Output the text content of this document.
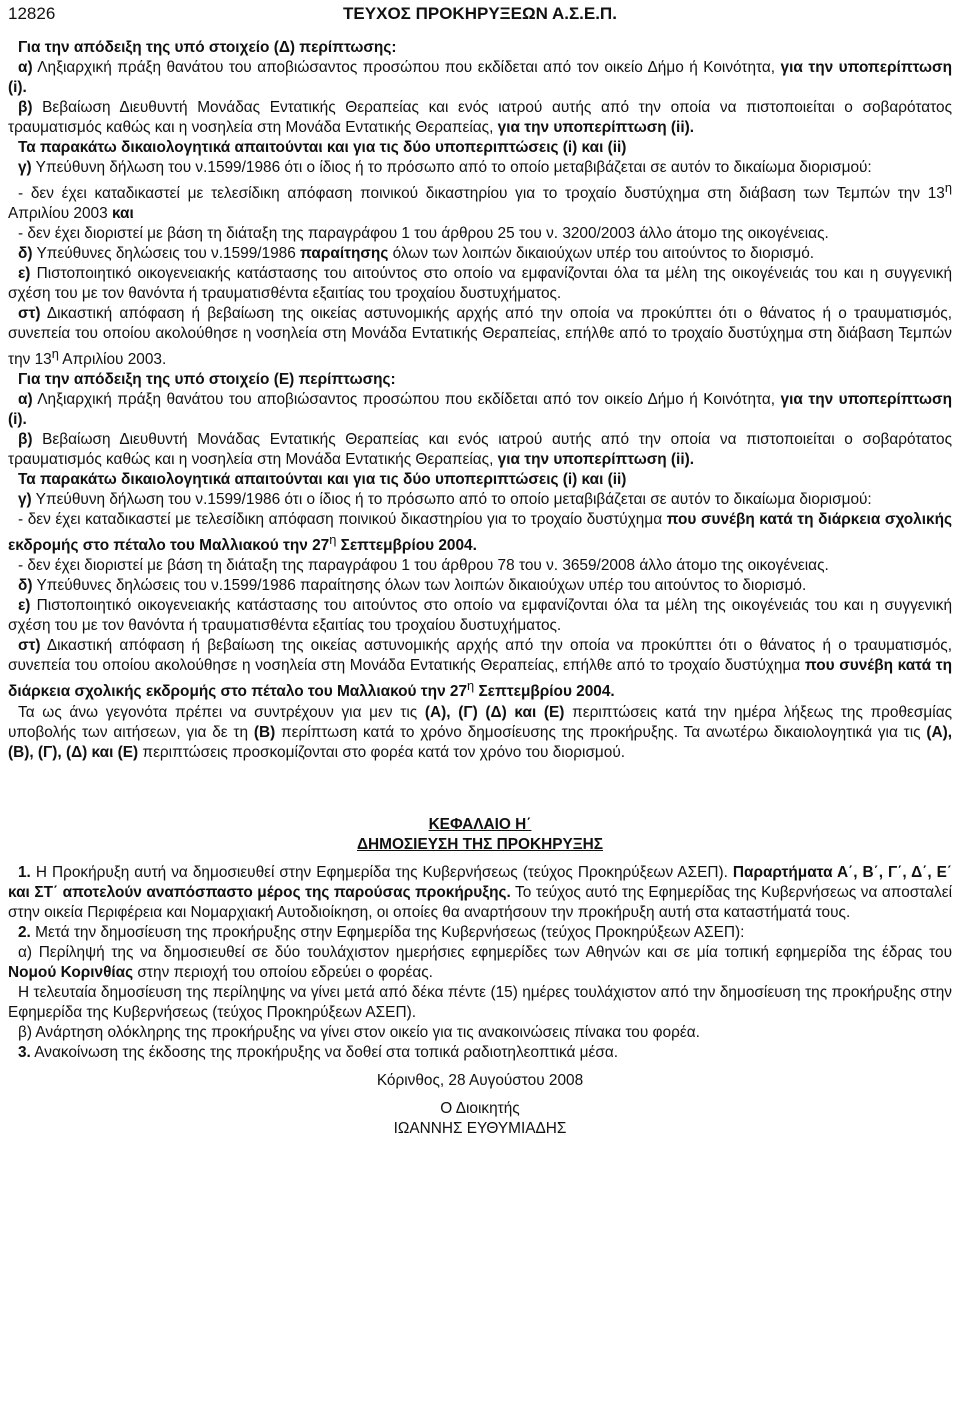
12826	ΤΕΥΧΟΣ ΠΡΟΚΗΡΥΞΕΩΝ Α.Σ.Ε.Π.

Για την απόδειξη της υπό στοιχείο (Δ) περίπτωσης:

α) Ληξιαρχική πράξη θανάτου του αποβιώσαντος προσώπου που εκδίδεται από τον οικείο Δήμο ή Κοινότητα, για την υποπερίπτωση (i).

β) Βεβαίωση Διευθυντή Μονάδας Εντατικής Θεραπείας και ενός ιατρού αυτής από την οποία να πιστοποιείται ο σοβαρότατος τραυματισμός καθώς και η νοσηλεία στη Μονάδα Εντατικής Θεραπείας, για την υποπερίπτωση (ii).

Τα παρακάτω δικαιολογητικά απαιτούνται και για τις δύο υποπεριπτώσεις (i) και (ii)

γ) Υπεύθυνη δήλωση του ν.1599/1986 ότι ο ίδιος ή το πρόσωπο από το οποίο μεταβιβάζεται σε αυτόν το δικαίωμα διορισμού:

- δεν έχει καταδικαστεί με τελεσίδικη απόφαση ποινικού δικαστηρίου για το τροχαίο δυστύχημα στη διάβαση των Τεμπών την $13^\eta$ Απριλίου 2003 και

- δεν έχει διοριστεί με βάση τη διάταξη της παραγράφου 1 του άρθρου 25 του ν. 3200/2003 άλλο άτομο της οικογένειας.

δ) Υπεύθυνες δηλώσεις του ν.1599/1986 παραίτησης όλων των λοιπών δικαιούχων υπέρ του αιτούντος το διορισμό.

ε) Πιστοποιητικό οικογενειακής κατάστασης του αιτούντος στο οποίο να εμφανίζονται όλα τα μέλη της οικογένειάς του και η συγγενική σχέση του με τον θανόντα ή τραυματισθέντα εξαιτίας του τροχαίου δυστυχήματος.

στ) Δικαστική απόφαση ή βεβαίωση της οικείας αστυνομικής αρχής από την οποία να προκύπτει ότι ο θάνατος ή ο τραυματισμός, συνεπεία του οποίου ακολούθησε η νοσηλεία στη Μονάδα Εντατικής Θεραπείας, επήλθε από το τροχαίο δυστύχημα στη διάβαση Τεμπών την $13^\eta$ Απριλίου 2003.

Για την απόδειξη της υπό στοιχείο (Ε) περίπτωσης:

α) Ληξιαρχική πράξη θανάτου του αποβιώσαντος προσώπου που εκδίδεται από τον οικείο Δήμο ή Κοινότητα, για την υποπερίπτωση (i).

β) Βεβαίωση Διευθυντή Μονάδας Εντατικής Θεραπείας και ενός ιατρού αυτής από την οποία να πιστοποιείται ο σοβαρότατος τραυματισμός καθώς και η νοσηλεία στη Μονάδα Εντατικής Θεραπείας, για την υποπερίπτωση (ii).

Τα παρακάτω δικαιολογητικά απαιτούνται και για τις δύο υποπεριπτώσεις (i) και (ii)

γ) Υπεύθυνη δήλωση του ν.1599/1986 ότι ο ίδιος ή το πρόσωπο από το οποίο μεταβιβάζεται σε αυτόν το δικαίωμα διορισμού:

- δεν έχει καταδικαστεί με τελεσίδικη απόφαση ποινικού δικαστηρίου για το τροχαίο δυστύχημα που συνέβη κατά τη διάρκεια σχολικής εκδρομής στο πέταλο του Μαλλιακού την $27^\eta$ Σεπτεμβρίου 2004.

- δεν έχει διοριστεί με βάση τη διάταξη της παραγράφου 1 του άρθρου 78 του ν. 3659/2008 άλλο άτομο της οικογένειας.

δ) Υπεύθυνες δηλώσεις του ν.1599/1986 παραίτησης όλων των λοιπών δικαιούχων υπέρ του αιτούντος το διορισμό.

ε) Πιστοποιητικό οικογενειακής κατάστασης του αιτούντος στο οποίο να εμφανίζονται όλα τα μέλη της οικογένειάς του και η συγγενική σχέση του με τον θανόντα ή τραυματισθέντα εξαιτίας του τροχαίου δυστυχήματος.

στ) Δικαστική απόφαση ή βεβαίωση της οικείας αστυνομικής αρχής από την οποία να προκύπτει ότι ο θάνατος ή ο τραυματισμός, συνεπεία του οποίου ακολούθησε η νοσηλεία στη Μονάδα Εντατικής Θεραπείας, επήλθε από το τροχαίο δυστύχημα που συνέβη κατά τη διάρκεια σχολικής εκδρομής στο πέταλο του Μαλλιακού την $27^\eta$ Σεπτεμβρίου 2004.

Τα ως άνω γεγονότα πρέπει να συντρέχουν για μεν τις (Α), (Γ) (Δ) και (Ε) περιπτώσεις κατά την ημέρα λήξεως της προθεσμίας υποβολής των αιτήσεων, για δε τη (Β) περίπτωση κατά το χρόνο δημοσίευσης της προκήρυξης. Τα ανωτέρω δικαιολογητικά για τις (Α), (Β), (Γ), (Δ) και (Ε) περιπτώσεις προσκομίζονται στο φορέα κατά τον χρόνο του διορισμού.

ΚΕΦΑΛΑΙΟ Η΄
ΔΗΜΟΣΙΕΥΣΗ ΤΗΣ ΠΡΟΚΗΡΥΞΗΣ

1. Η Προκήρυξη αυτή να δημοσιευθεί στην Εφημερίδα της Κυβερνήσεως (τεύχος Προκηρύξεων ΑΣΕΠ). Παραρτήματα Α΄, Β΄, Γ΄, Δ΄, Ε΄ και ΣΤ΄ αποτελούν αναπόσπαστο μέρος της παρούσας προκήρυξης. Το τεύχος αυτό της Εφημερίδας της Κυβερνήσεως να αποσταλεί στην οικεία Περιφέρεια και Νομαρχιακή Αυτοδιοίκηση, οι οποίες θα αναρτήσουν την προκήρυξη αυτή στα καταστήματά τους.

2. Μετά την δημοσίευση της προκήρυξης στην Εφημερίδα της Κυβερνήσεως (τεύχος Προκηρύξεων ΑΣΕΠ):

α) Περίληψή της να δημοσιευθεί σε δύο τουλάχιστον ημερήσιες εφημερίδες των Αθηνών και σε μία τοπική εφημερίδα της έδρας του Νομού Κορινθίας στην περιοχή του οποίου εδρεύει ο φορέας.

Η τελευταία δημοσίευση της περίληψης να γίνει μετά από δέκα πέντε (15) ημέρες τουλάχιστον από την δημοσίευση της προκήρυξης στην Εφημερίδα της Κυβερνήσεως (τεύχος Προκηρύξεων ΑΣΕΠ).

β) Ανάρτηση ολόκληρης της προκήρυξης να γίνει στον οικείο για τις ανακοινώσεις πίνακα του φορέα.

3. Ανακοίνωση της έκδοσης της προκήρυξης να δοθεί στα τοπικά ραδιοτηλεοπτικά μέσα.

Κόρινθος, 28 Αυγούστου 2008

Ο Διοικητής

ΙΩΑΝΝΗΣ ΕΥΘΥΜΙΑΔΗΣ
